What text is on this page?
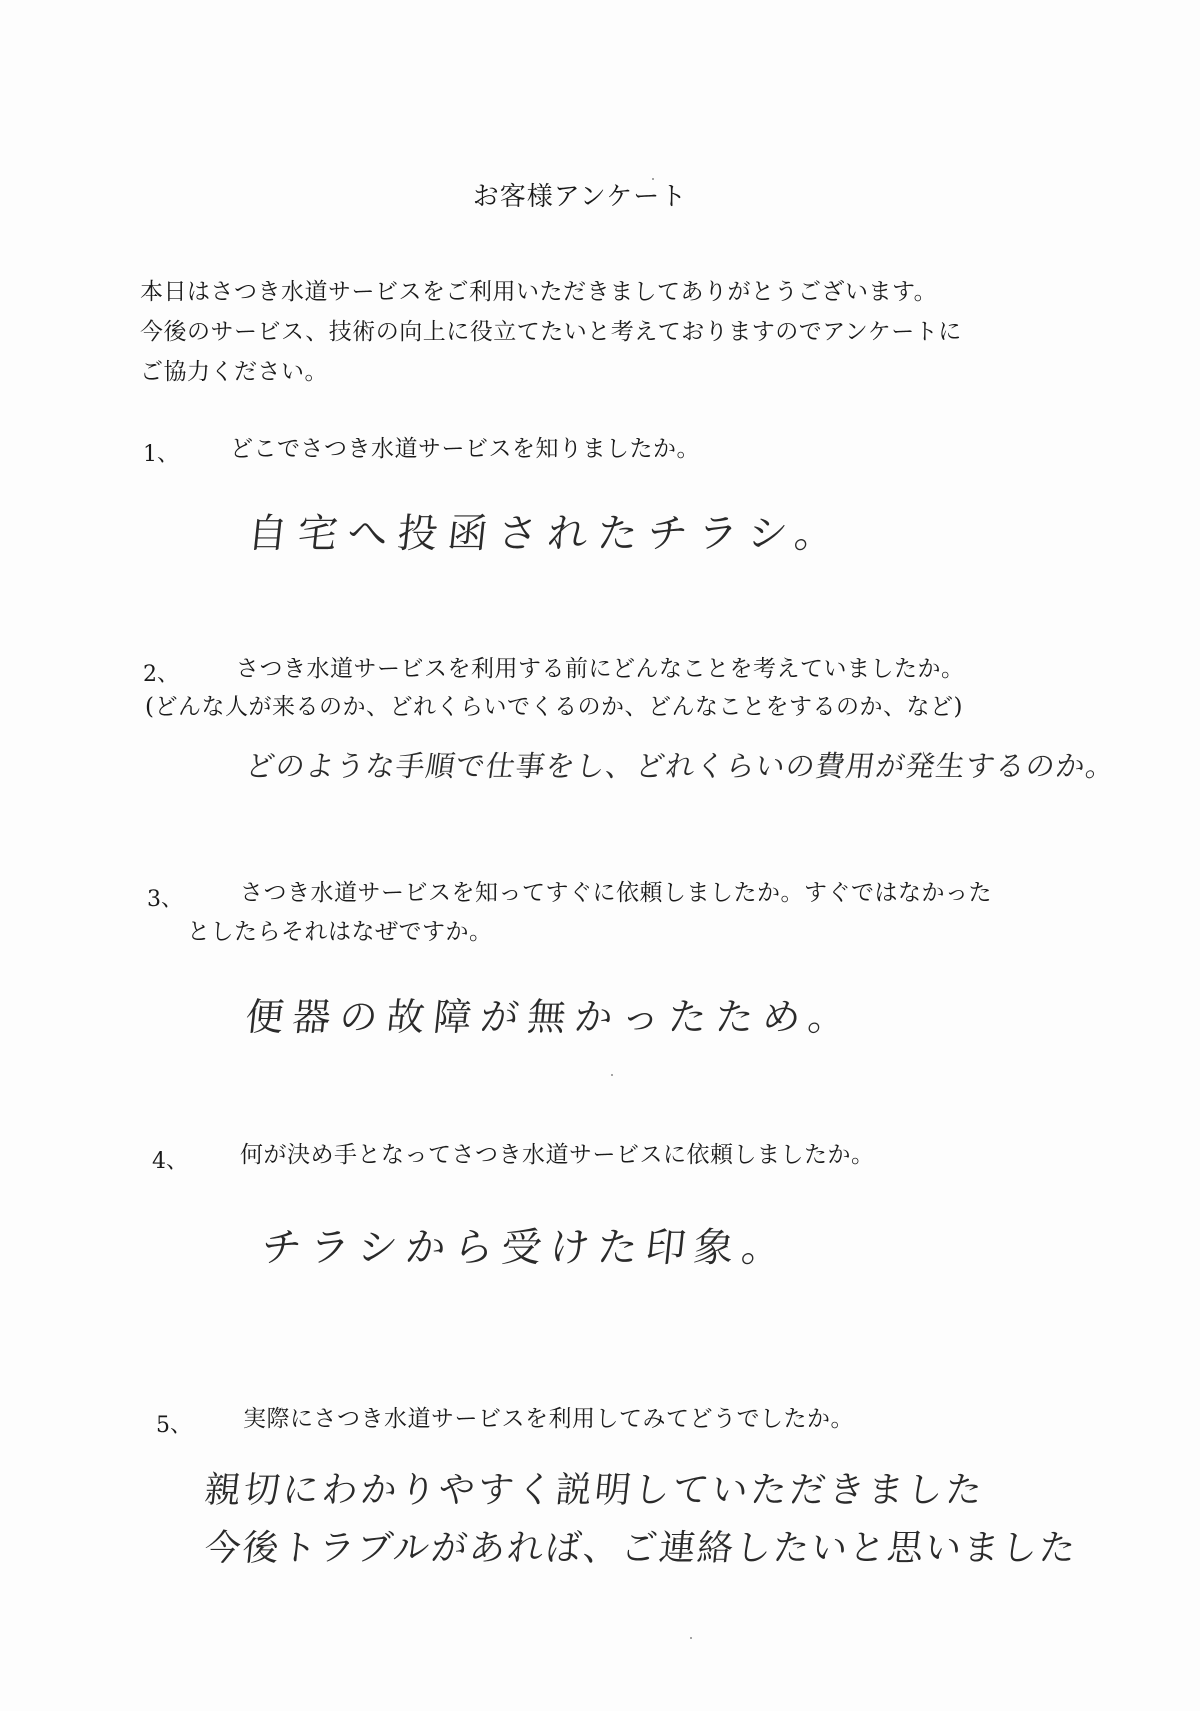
お客様アンケート
本日はさつき水道サービスをご利用いただきましてありがとうございます。
今後のサービス、技術の向上に役立てたいと考えておりますのでアンケートに
ご協力ください。
1、 どこでさつき水道サービスを知りましたか。
自宅へ投函されたチラシ。
2、 さつき水道サービスを利用する前にどんなことを考えていましたか。
(どんな人が来るのか、どれくらいでくるのか、どんなことをするのか、など)
どのような手順で仕事をし、どれくらいの費用が発生するのか。
3、 さつき水道サービスを知ってすぐに依頼しましたか。すぐではなかった
としたらそれはなぜですか。
便器の故障が無かったため。
4、 何が決め手となってさつき水道サービスに依頼しましたか。
チラシから受けた印象。
5、 実際にさつき水道サービスを利用してみてどうでしたか。
親切にわかりやすく説明していただきました
今後トラブルがあれば、ご連絡したいと思いました
